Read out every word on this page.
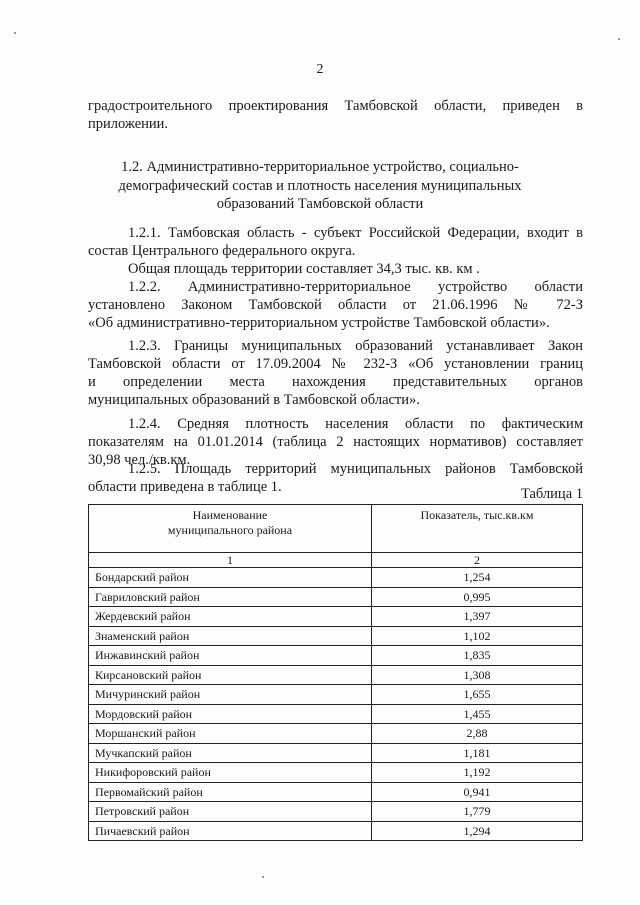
2
градостроительного проектирования Тамбовской области, приведен в
приложении.
1.2. Административно-территориальное устройство, социально-
демографический состав и плотность населения муниципальных
образований Тамбовской области
1.2.1. Тамбовская область - субъект Российской Федерации, входит в
состав Центрального федерального округа.
Общая площадь территории составляет 34,3 тыс. кв. км .
1.2.2. Административно-территориальное устройство области
установлено Законом Тамбовской области от 21.06.1996 № 72-З
«Об административно-территориальном устройстве Тамбовской области».
1.2.3. Границы муниципальных образований устанавливает Закон
Тамбовской области от 17.09.2004 № 232-З «Об установлении границ
и определении места нахождения представительных органов
муниципальных образований в Тамбовской области».
1.2.4. Средняя плотность населения области по фактическим
показателям на 01.01.2014 (таблица 2 настоящих нормативов) составляет
30,98 чел./кв.км.
1.2.5. Площадь территорий муниципальных районов Тамбовской
области приведена в таблице 1.	Таблица 1
Наименование
муниципального района	Показатель, тыс.кв.км
1	2
Бондарский район	1,254
Гавриловский район	0,995
Жердевский район	1,397
Знаменский район	1,102
Инжавинский район	1,835
Кирсановский район	1,308
Мичуринский район	1,655
Мордовский район	1,455
Моршанский район	2,88
Мучкапский район	1,181
Никифоровский район	1,192
Первомайский район	0,941
Петровский район	1,779
Пичаевский район	1,294
